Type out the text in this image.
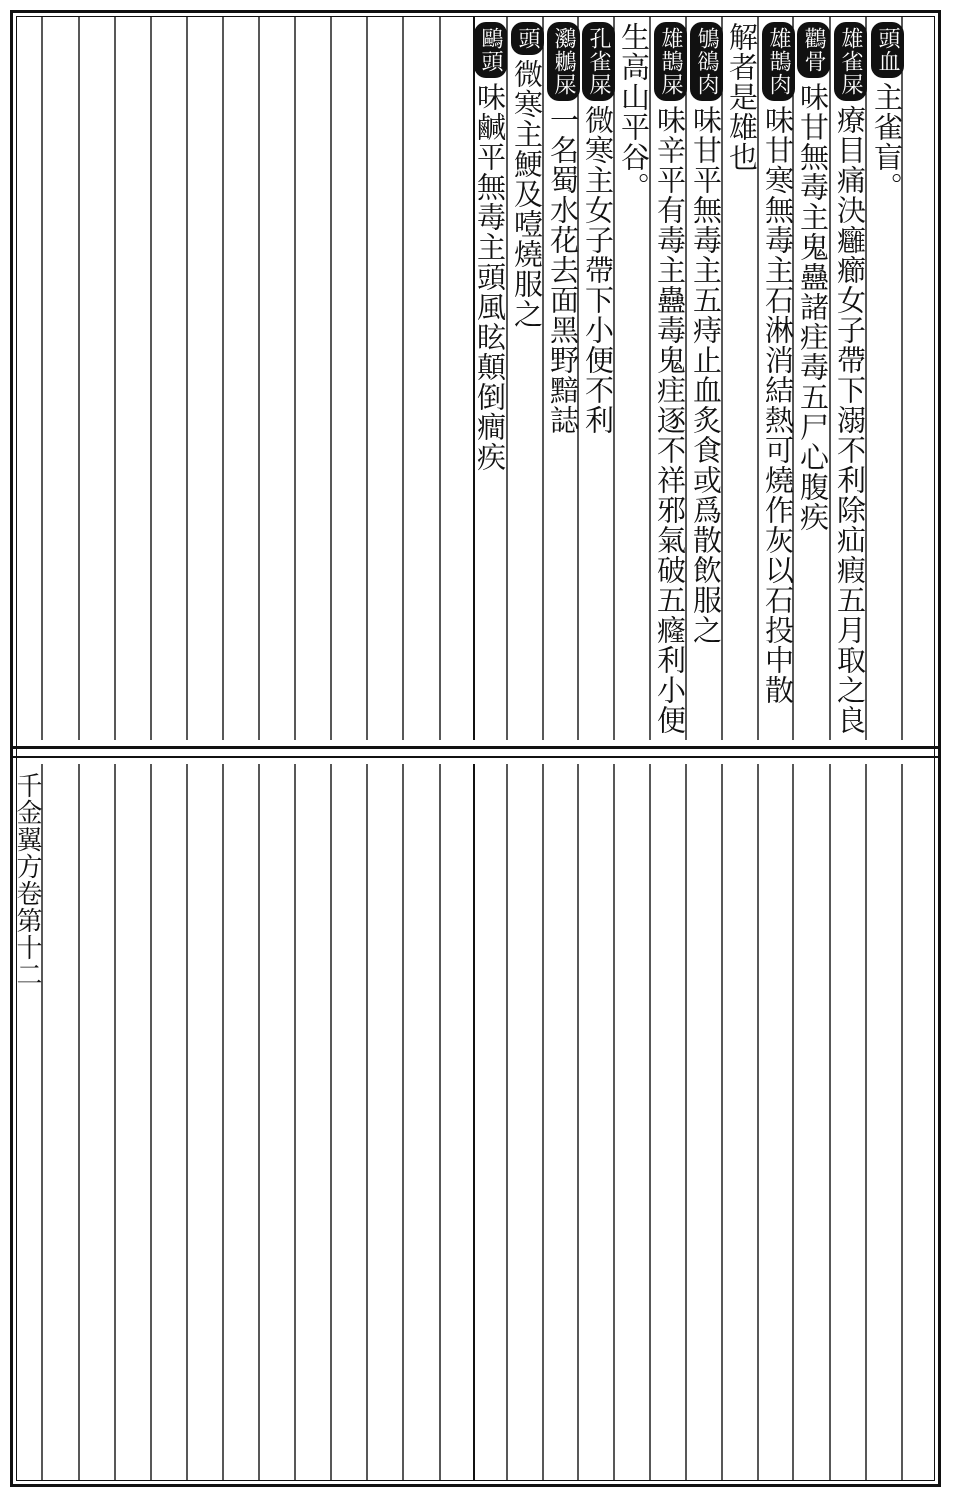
頭血主雀盲。
雄雀屎療目痛決癰癤女子帶下溺不利除疝瘕五月取之良
鸛骨味甘無毒主鬼蠱諸疰毒五尸心腹疾
雄鵲肉味甘寒無毒主石淋消結熱可燒作灰以石投中散
解者是雄也
鴝鵒肉味甘平無毒主五痔止血炙食或爲散飲服之
雄鵲屎味辛平有毒主蠱毒鬼疰逐不祥邪氣破五癃利小便
生高山平谷。
孔雀屎微寒主女子帶下小便不利
鸂鶒屎一名蜀水花去面黑野黯誌
頭微寒主鯁及噎燒服之
鷗頭味鹹平無毒主頭風眩顛倒癎疾
千金翼方卷第十二
